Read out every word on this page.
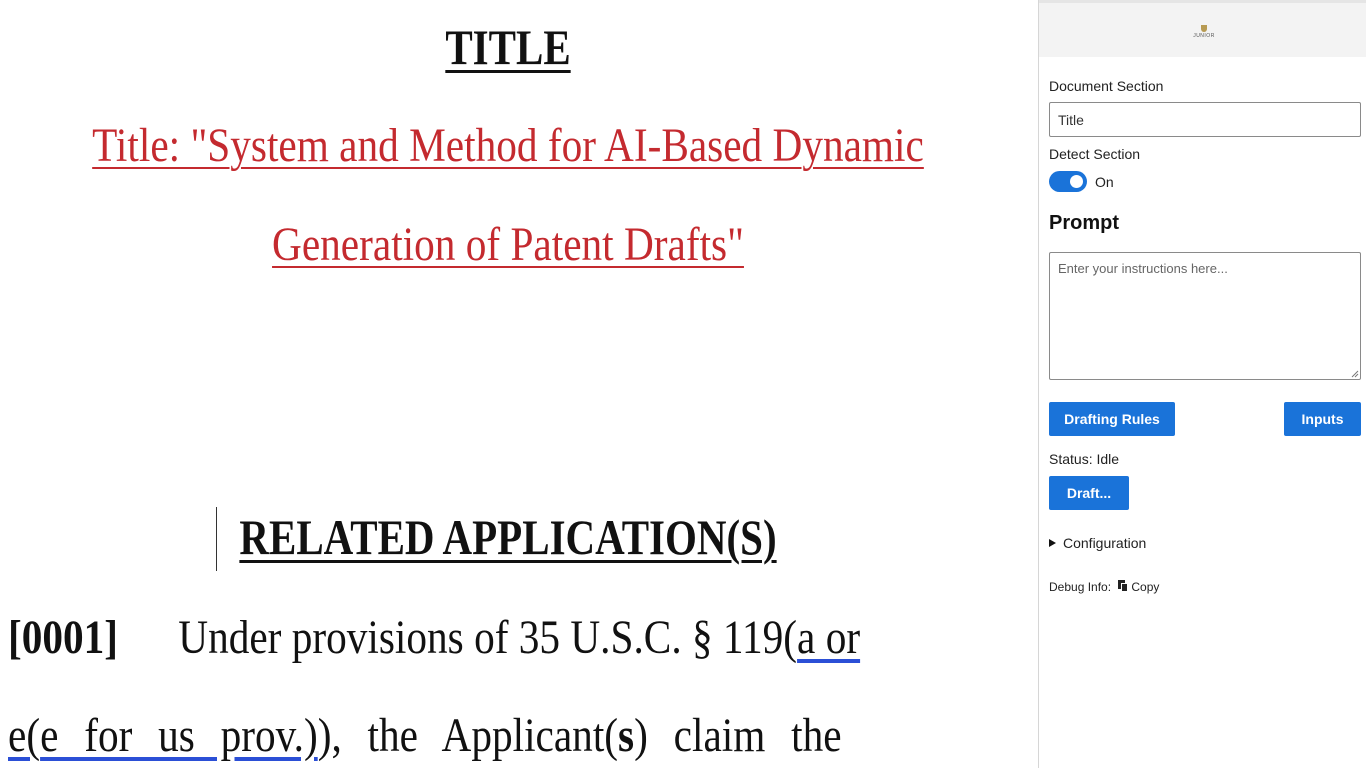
TITLE
Title: "System and Method for AI-Based Dynamic
Generation of Patent Drafts"
RELATED APPLICATION(S)
[0001] Under provisions of 35 U.S.C. § 119(a or
e(e for us prov.)), the Applicant(s) claim the
JUNIOR
Document Section
Title
Detect Section
On
Prompt
Enter your instructions here...
Drafting Rules	Inputs
Status: Idle
Draft...
Configuration
Debug Info: Copy
